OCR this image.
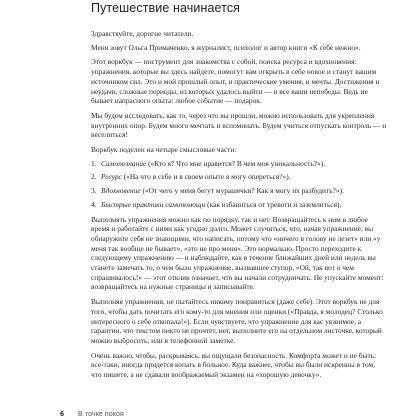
Путешествие начинается

Здравствуйте, дорогие читатели.

Меня зовут Ольга Примаченко, я журналист, психолог и автор книги «К себе нежно».

Этот воркбук — инструмент для знакомства с собой, поиска ресурса и вдохновения: упражнения, которые вы здесь найдете, помогут вам открыть в себе новое и станут вашим источником сил. Это и мой прошлый опыт, и практические умения, и мечты. Достижения и неудачи, сложные периоды, из которых удалось выйти — и все ваши непобеды. Ведь не бывает напрасного опыта: любое событие — подарок.

Мы будем исследовать, как то, через что вы прошли, можно использовать для укрепления внутренних опор. Будем много мечтать и вспоминать. Будем учиться отпускать контроль — и веселиться!

Воркбук поделен на четыре смысловые части:

1. Самопознание («Кто я? Что мне нравится? В чем моя уникальность?»).
2. Ресурс («На что в себе и в своем опыте я могу опереться?»).
3. Вдохновение («От чего у меня бегут мурашечки? Как я могу их разбудить?»).
4. Быстрые практики самопомощи (как избавиться от тревоги и заземлиться).

Выполнять упражнения можно как по порядку, так и нет. Возвращайтесь к ним в любое время и работайте с ними как угодно долго. Может случиться, что, начав упражнение, вы обнаружите себя не знающими, что написать, потому что «ничего в голову не лезет» или «у меня так вообще не бывает», «это не про меня». Это нормально. Просто переходите к следующему упражнению — и наблюдайте, как в течение ближайших дней или недель вы станете замечать то, о чем было упражнение, вызвавшее ступор. «Ой, так вот о чем спрашивалось!» — этот отклик означает, что вы начали сотрудничать. Не упускайте момент: возвращайтесь на нужные страницы и записывайте.

Выполняя упражнения, не пытайтесь никому понравиться (даже себе). Этот воркбук не для того, чтобы дать почитать его кому-то для мнения или оценки («Правда, я молодец? Столько интересного о себе откопала!»). Если чувствуете, что упражнение для вас уязвимое, а гарантии, что текстом никто не прочтет, нет, выполните его на отдельном листочке, который можно выбросить, или в телефонной заметке.

Очень важно, чтобы, раскрываясь, вы ощущали безопасность. Комфорта может и не быть: все-таки, иногда придется копать в больное. Куда важнее, чтобы вы были искренны в том, что пишете, а не сдавали воображаемый экзамен на «хорошую девочку».

6 В точке покоя
